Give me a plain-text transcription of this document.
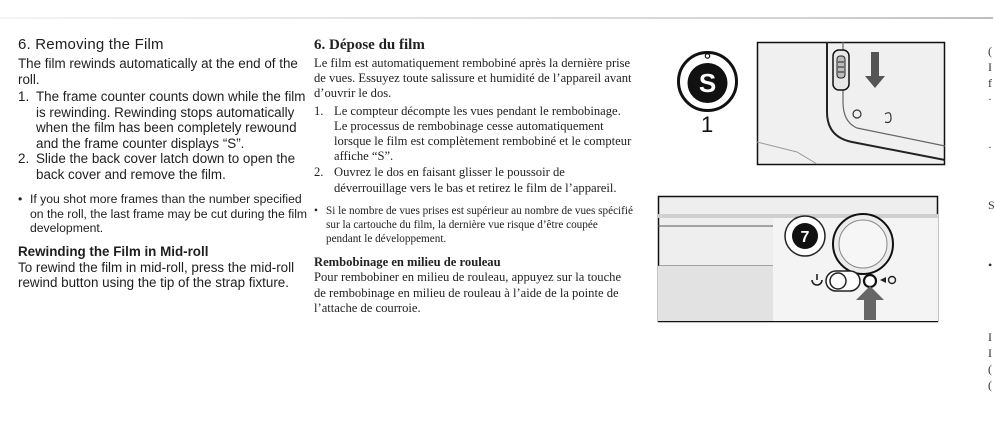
6. Removing the Film

The film rewinds automatically at the end of the roll.

1. The frame counter counts down while the film is rewinding. Rewinding stops automatically when the film has been completely rewound and the frame counter displays “S”.
2. Slide the back cover latch down to open the back cover and remove the film.
• If you shot more frames than the number specified on the roll, the last frame may be cut during the film development.
Rewinding the Film in Mid-roll

To rewind the film in mid-roll, press the mid-roll rewind button using the tip of the strap fixture.

6. Dépose du film

Le film est automatiquement rembobiné après la dernière prise de vues. Essuyez toute salissure et humidité de l’appareil avant d’ouvrir le dos.

1. Le compteur décompte les vues pendant le rembobinage. Le processus de rembobinage cesse automatiquement lorsque le film est complètement rembobiné et le compteur affiche “S”.
2. Ouvrez le dos en faisant glisser le poussoir de déverrouillage vers le bas et retirez le film de l’appareil.
• Si le nombre de vues prises est supérieur au nombre de vues spécifié sur la cartouche du film, la dernière vue risque d’être coupée pendant le développement.
Rembobinage en milieu de rouleau

Pour rembobiner en milieu de rouleau, appuyez sur la touche de rembobinage en milieu de rouleau à l’aide de la pointe de l’attache de courroie.

S
1
7
(
I
f
·
·
S
•
I
I
(
(
